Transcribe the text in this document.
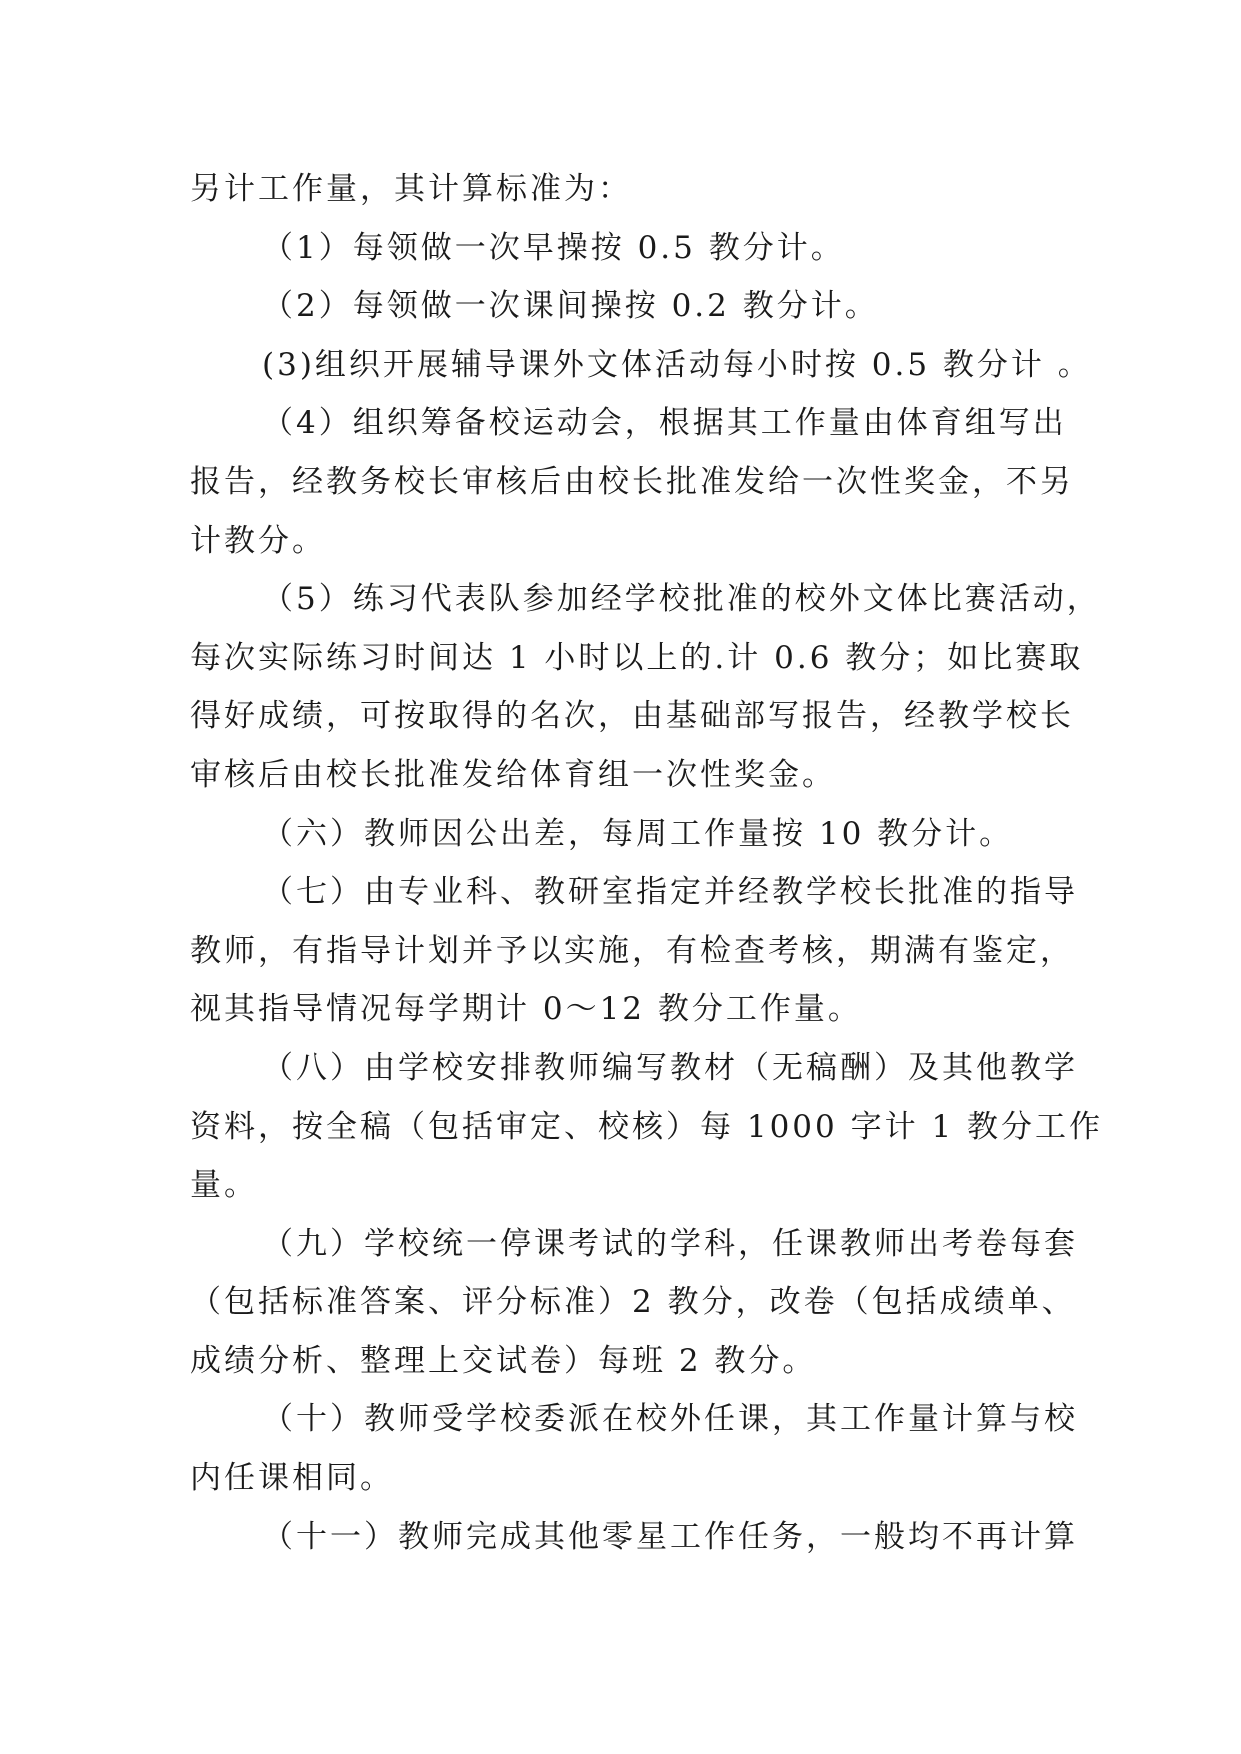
另计工作量，其计算标准为：
（1）每领做一次早操按 0.5 教分计。
（2）每领做一次课间操按 0.2 教分计。
(3)组织开展辅导课外文体活动每小时按 0.5 教分计 。
（4）组织筹备校运动会，根据其工作量由体育组写出
报告，经教务校长审核后由校长批准发给一次性奖金，不另
计教分。
（5）练习代表队参加经学校批准的校外文体比赛活动，
每次实际练习时间达 1 小时以上的.计 0.6 教分；如比赛取
得好成绩，可按取得的名次，由基础部写报告，经教学校长
审核后由校长批准发给体育组一次性奖金。
（六）教师因公出差，每周工作量按 10 教分计。
（七）由专业科、教研室指定并经教学校长批准的指导
教师，有指导计划并予以实施，有检查考核，期满有鉴定，
视其指导情况每学期计 0～12 教分工作量。
（八）由学校安排教师编写教材（无稿酬）及其他教学
资料，按全稿（包括审定、校核）每 1000 字计 1 教分工作
量。
（九）学校统一停课考试的学科，任课教师出考卷每套
（包括标准答案、评分标准）2 教分，改卷（包括成绩单、
成绩分析、整理上交试卷）每班 2 教分。
（十）教师受学校委派在校外任课，其工作量计算与校
内任课相同。
（十一）教师完成其他零星工作任务，一般均不再计算
